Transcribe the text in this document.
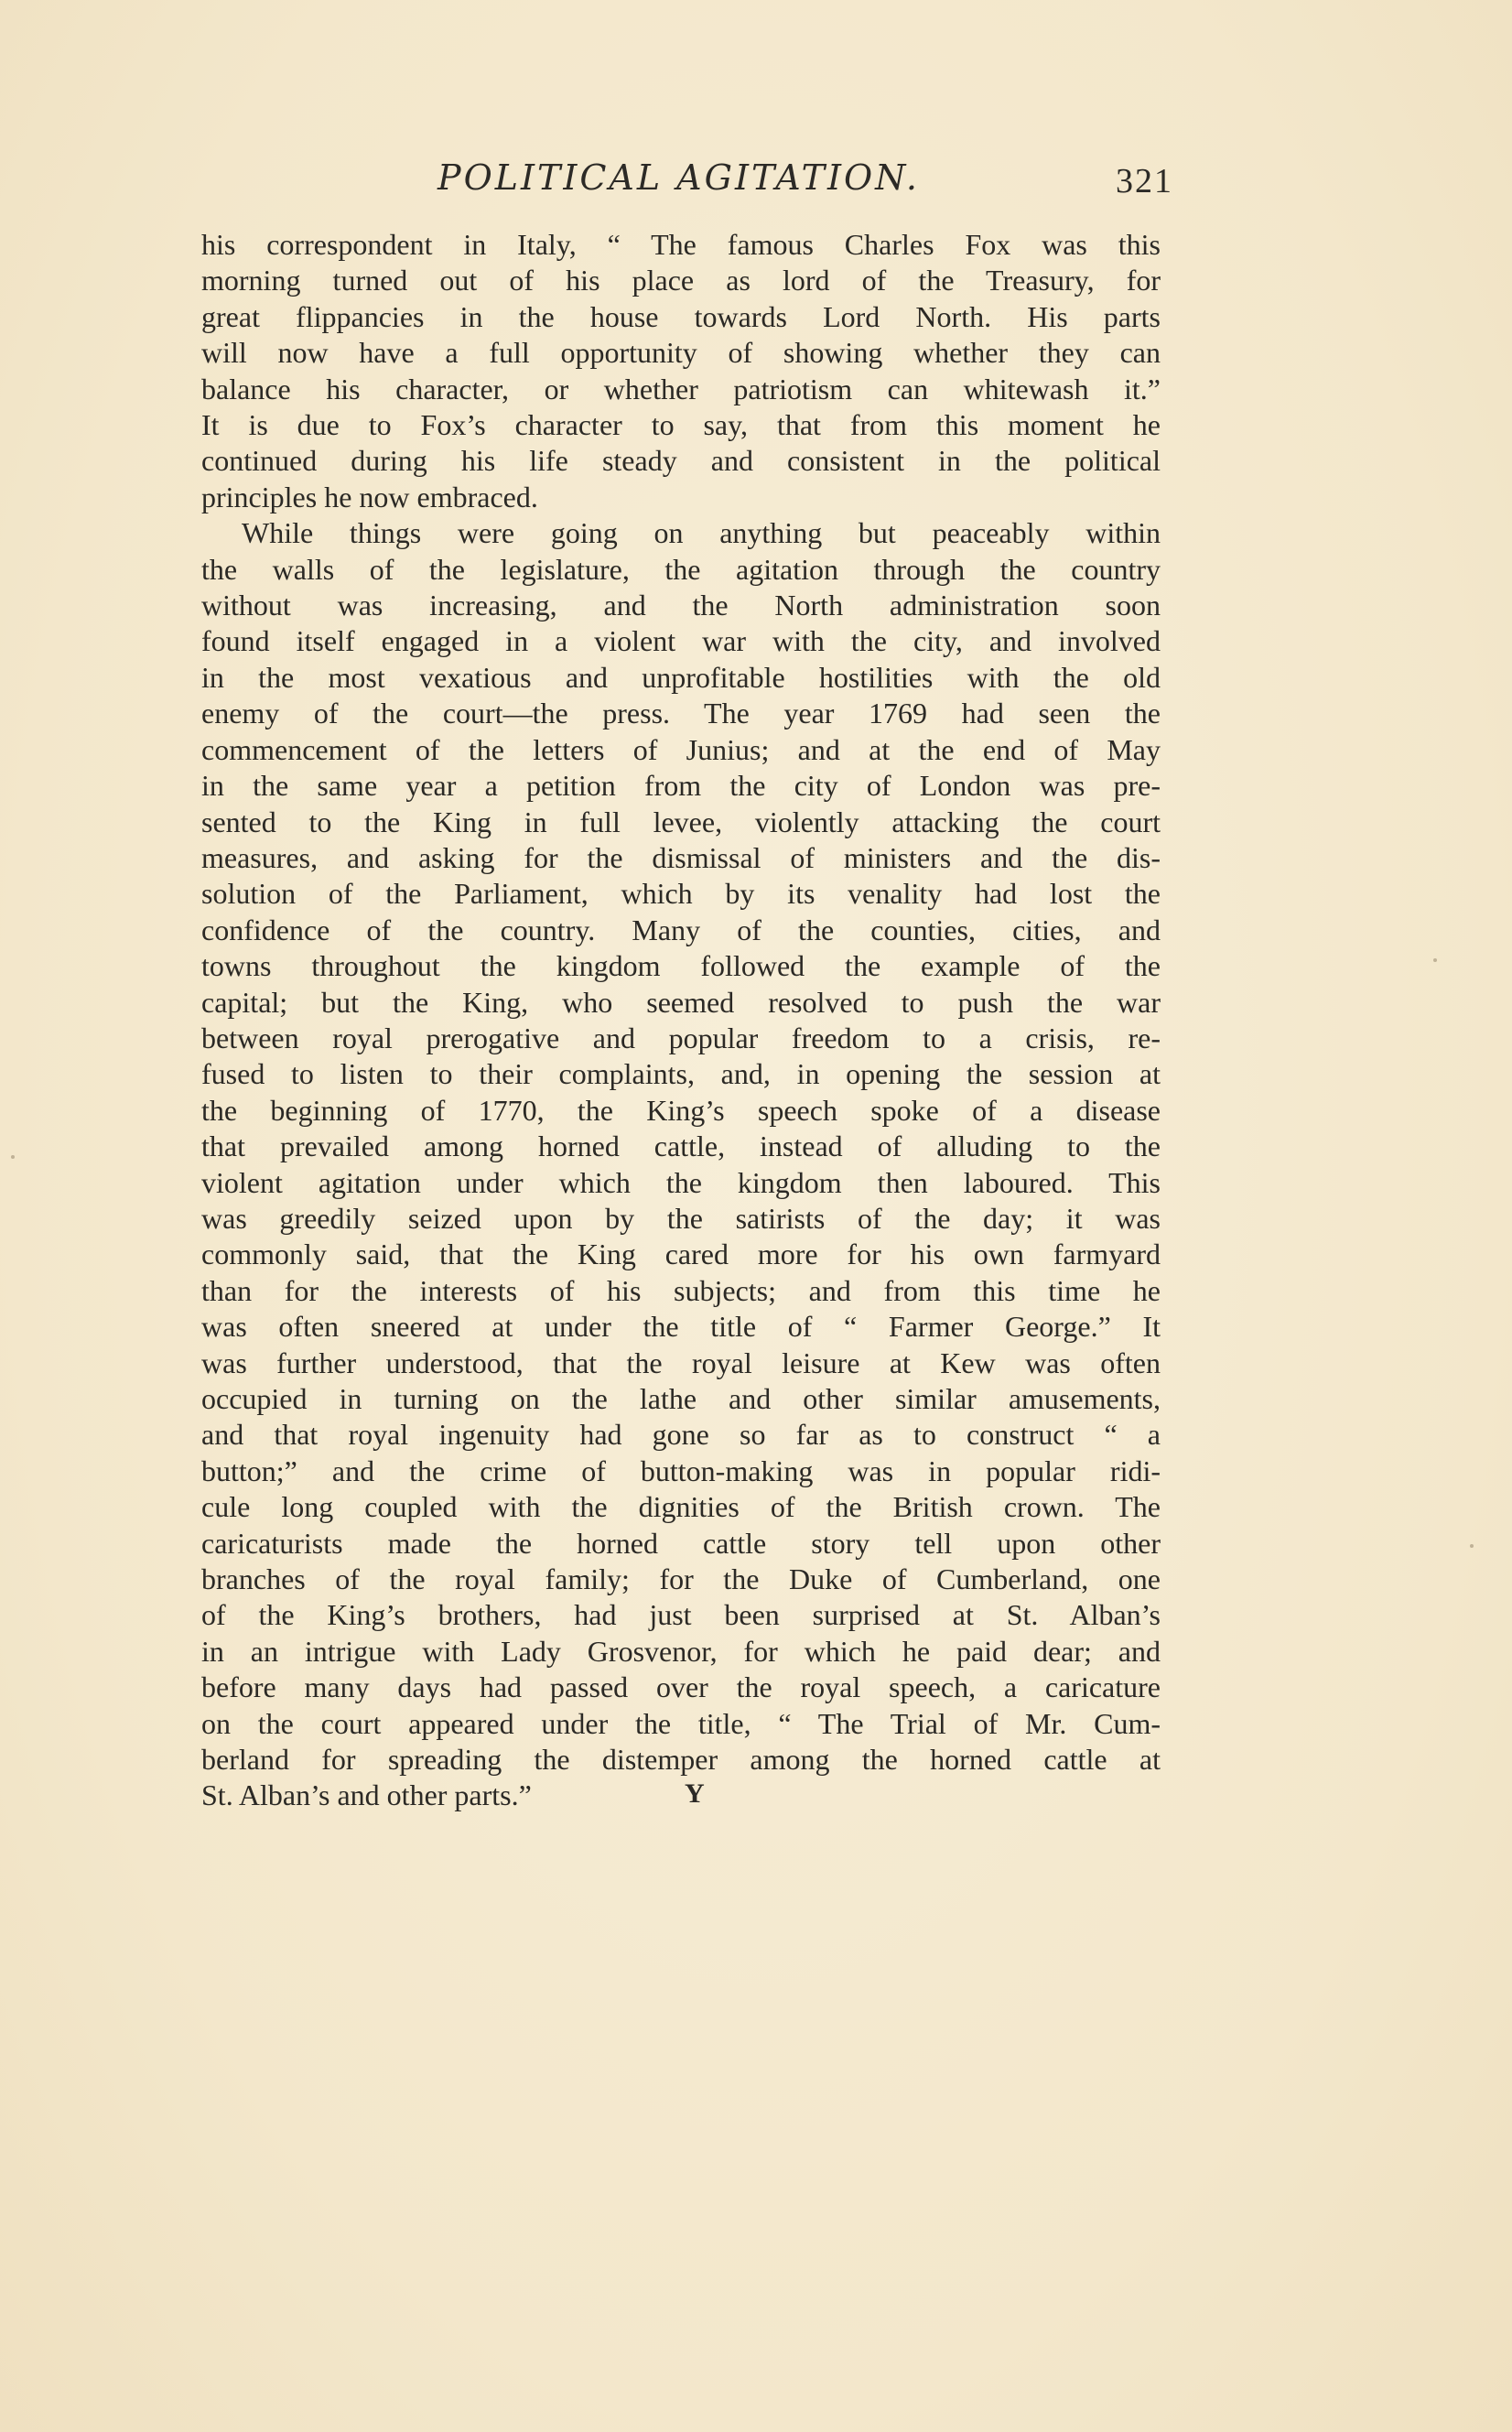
POLITICAL AGITATION.	321

his correspondent in Italy, “ The famous Charles Fox was this

morning turned out of his place as lord of the Treasury, for

great flippancies in the house towards Lord North. His parts

will now have a full opportunity of showing whether they can

balance his character, or whether patriotism can whitewash it.”

It is due to Fox’s character to say, that from this moment he

continued during his life steady and consistent in the political

principles he now embraced.

While things were going on anything but peaceably within

the walls of the legislature, the agitation through the country

without was increasing, and the North administration soon

found itself engaged in a violent war with the city, and involved

in the most vexatious and unprofitable hostilities with the old

enemy of the court—the press. The year 1769 had seen the

commencement of the letters of Junius; and at the end of May

in the same year a petition from the city of London was pre-

sented to the King in full levee, violently attacking the court

measures, and asking for the dismissal of ministers and the dis-

solution of the Parliament, which by its venality had lost the

confidence of the country. Many of the counties, cities, and

towns throughout the kingdom followed the example of the

capital; but the King, who seemed resolved to push the war

between royal prerogative and popular freedom to a crisis, re-

fused to listen to their complaints, and, in opening the session at

the beginning of 1770, the King’s speech spoke of a disease

that prevailed among horned cattle, instead of alluding to the

violent agitation under which the kingdom then laboured. This

was greedily seized upon by the satirists of the day; it was

commonly said, that the King cared more for his own farmyard

than for the interests of his subjects; and from this time he

was often sneered at under the title of “ Farmer George.” It

was further understood, that the royal leisure at Kew was often

occupied in turning on the lathe and other similar amusements,

and that royal ingenuity had gone so far as to construct “ a

button;” and the crime of button-making was in popular ridi-

cule long coupled with the dignities of the British crown. The

caricaturists made the horned cattle story tell upon other

branches of the royal family; for the Duke of Cumberland, one

of the King’s brothers, had just been surprised at St. Alban’s

in an intrigue with Lady Grosvenor, for which he paid dear; and

before many days had passed over the royal speech, a caricature

on the court appeared under the title, “ The Trial of Mr. Cum-

berland for spreading the distemper among the horned cattle at

St. Alban’s and other parts.”	Y
